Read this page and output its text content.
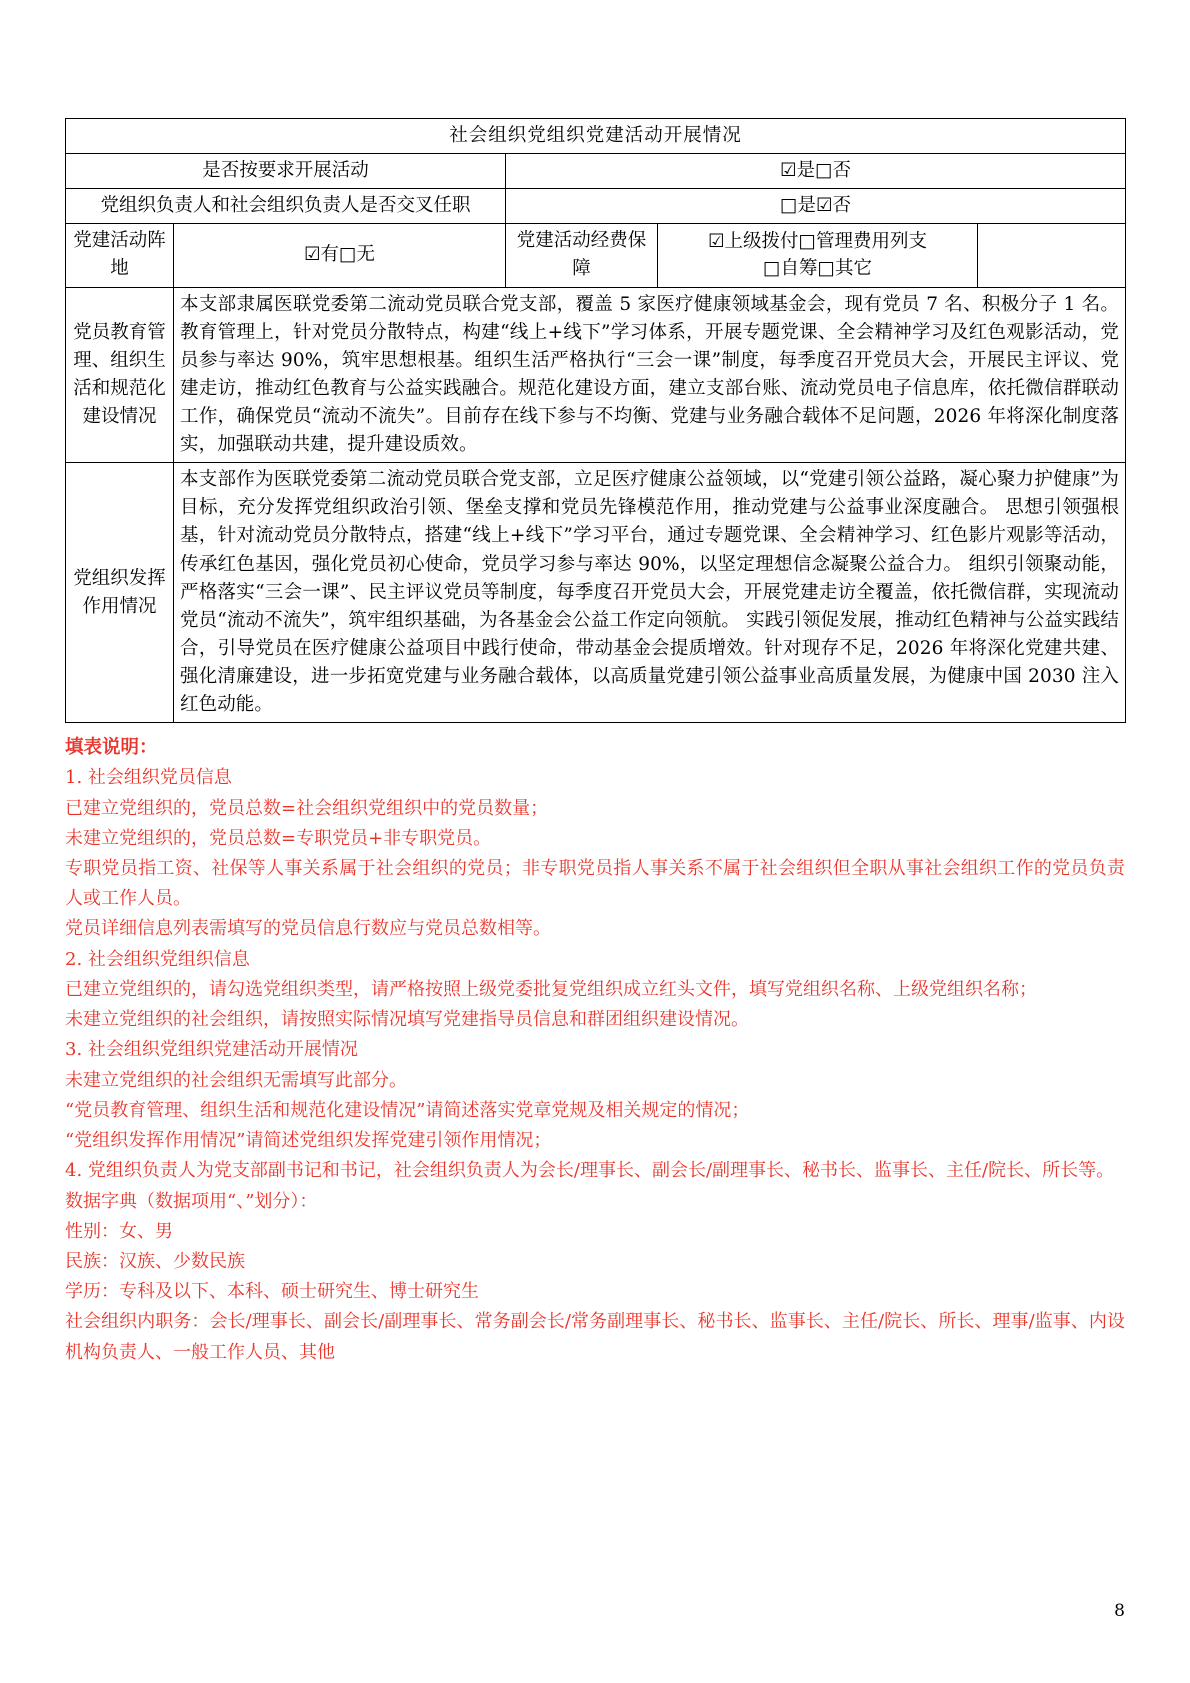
社会组织党组织党建活动开展情况				
是否按要求开展活动		☑是□否		
党组织负责人和社会组织负责人是否交叉任职		□是☑否		
党建活动阵地	☑有□无	党建活动经费保障	☑上级拨付□管理费用列支
□自筹□其它	

党员教育管理、组织生活和规范化建设情况	本支部隶属医联党委第二流动党员联合党支部，覆盖 5 家医疗健康领域基金会，现有党员 7 名、积极分子 1 名。教育管理上，针对党员分散特点，构建“线上+线下”学习体系，开展专题党课、全会精神学习及红色观影活动，党员参与率达 90%，筑牢思想根基。组织生活严格执行“三会一课”制度，每季度召开党员大会，开展民主评议、党建走访，推动红色教育与公益实践融合。规范化建设方面，建立支部台账、流动党员电子信息库，依托微信群联动工作，确保党员“流动不流失”。目前存在线下参与不均衡、党建与业务融合载体不足问题，2026 年将深化制度落实，加强联动共建，提升建设质效。			
党组织发挥作用情况	本支部作为医联党委第二流动党员联合党支部，立足医疗健康公益领域，以“党建引领公益路，凝心聚力护健康”为目标，充分发挥党组织政治引领、堡垒支撑和党员先锋模范作用，推动党建与公益事业深度融合。 思想引领强根基，针对流动党员分散特点，搭建“线上+线下”学习平台，通过专题党课、全会精神学习、红色影片观影等活动，传承红色基因，强化党员初心使命，党员学习参与率达 90%，以坚定理想信念凝聚公益合力。 组织引领聚动能，严格落实“三会一课”、民主评议党员等制度，每季度召开党员大会，开展党建走访全覆盖，依托微信群，实现流动党员“流动不流失”，筑牢组织基础，为各基金会公益工作定向领航。 实践引领促发展，推动红色精神与公益实践结合，引导党员在医疗健康公益项目中践行使命，带动基金会提质增效。针对现存不足，2026 年将深化党建共建、强化清廉建设，进一步拓宽党建与业务融合载体，以高质量党建引领公益事业高质量发展，为健康中国 2030 注入红色动能。			

填表说明：

1. 社会组织党员信息

已建立党组织的，党员总数=社会组织党组织中的党员数量；

未建立党组织的，党员总数=专职党员+非专职党员。

专职党员指工资、社保等人事关系属于社会组织的党员；非专职党员指人事关系不属于社会组织但全职从事社会组织工作的党员负责人或工作人员。

党员详细信息列表需填写的党员信息行数应与党员总数相等。

2. 社会组织党组织信息

已建立党组织的，请勾选党组织类型，请严格按照上级党委批复党组织成立红头文件，填写党组织名称、上级党组织名称；

未建立党组织的社会组织，请按照实际情况填写党建指导员信息和群团组织建设情况。

3. 社会组织党组织党建活动开展情况

未建立党组织的社会组织无需填写此部分。

“党员教育管理、组织生活和规范化建设情况”请简述落实党章党规及相关规定的情况；

“党组织发挥作用情况”请简述党组织发挥党建引领作用情况；

4. 党组织负责人为党支部副书记和书记，社会组织负责人为会长/理事长、副会长/副理事长、秘书长、监事长、主任/院长、所长等。

数据字典（数据项用“、”划分）：

性别：女、男

民族：汉族、少数民族

学历：专科及以下、本科、硕士研究生、博士研究生

社会组织内职务：会长/理事长、副会长/副理事长、常务副会长/常务副理事长、秘书长、监事长、主任/院长、所长、理事/监事、内设机构负责人、一般工作人员、其他

8
